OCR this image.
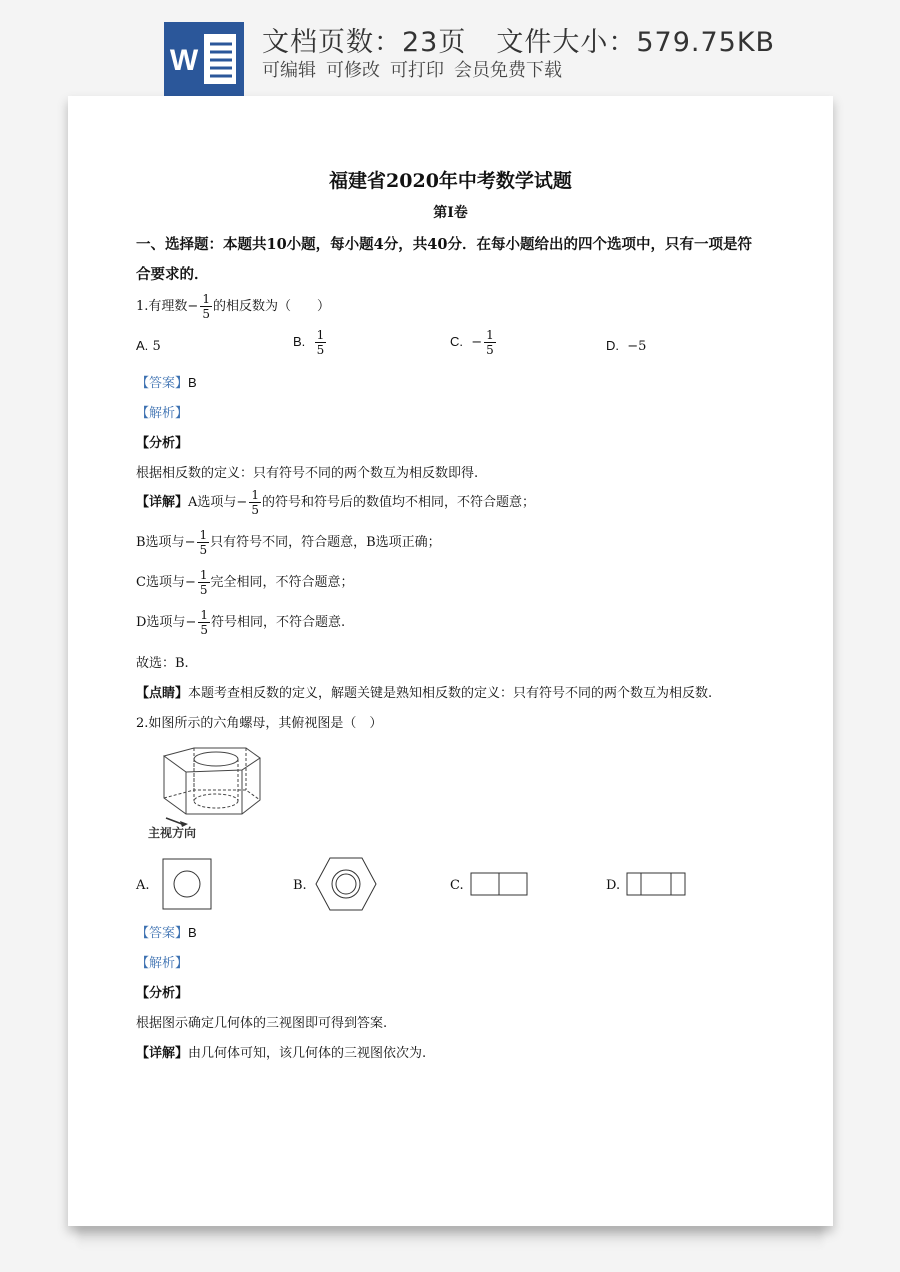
W
文档页数：23页 文件大小：579.75KB
可编辑 可修改 可打印 会员免费下载
福建省2020年中考数学试题
第Ⅰ卷
一、选择题：本题共10小题，每小题4分，共40分．在每小题给出的四个选项中，只有一项是符合要求的．
1.有理数− $\frac{1}{5}$ 的相反数为（　　）
A. 5	B. $\frac{1}{5}$	C. − $\frac{1}{5}$	D. −5
【答案】B
【解析】
【分析】
根据相反数的定义：只有符号不同的两个数互为相反数即得.
【详解】A选项与− $\frac{1}{5}$ 的符号和符号后的数值均不相同，不符合题意；
B选项与− $\frac{1}{5}$ 只有符号不同，符合题意，B选项正确；
C选项与− $\frac{1}{5}$ 完全相同，不符合题意；
D选项与− $\frac{1}{5}$ 符号相同，不符合题意.
故选：B.
【点睛】本题考查相反数的定义，解题关键是熟知相反数的定义：只有符号不同的两个数互为相反数.
2.如图所示的六角螺母，其俯视图是（　）
主视方向
A.	B.	C.	D.
【答案】B
【解析】
【分析】
根据图示确定几何体的三视图即可得到答案.
【详解】由几何体可知，该几何体的三视图依次为.
